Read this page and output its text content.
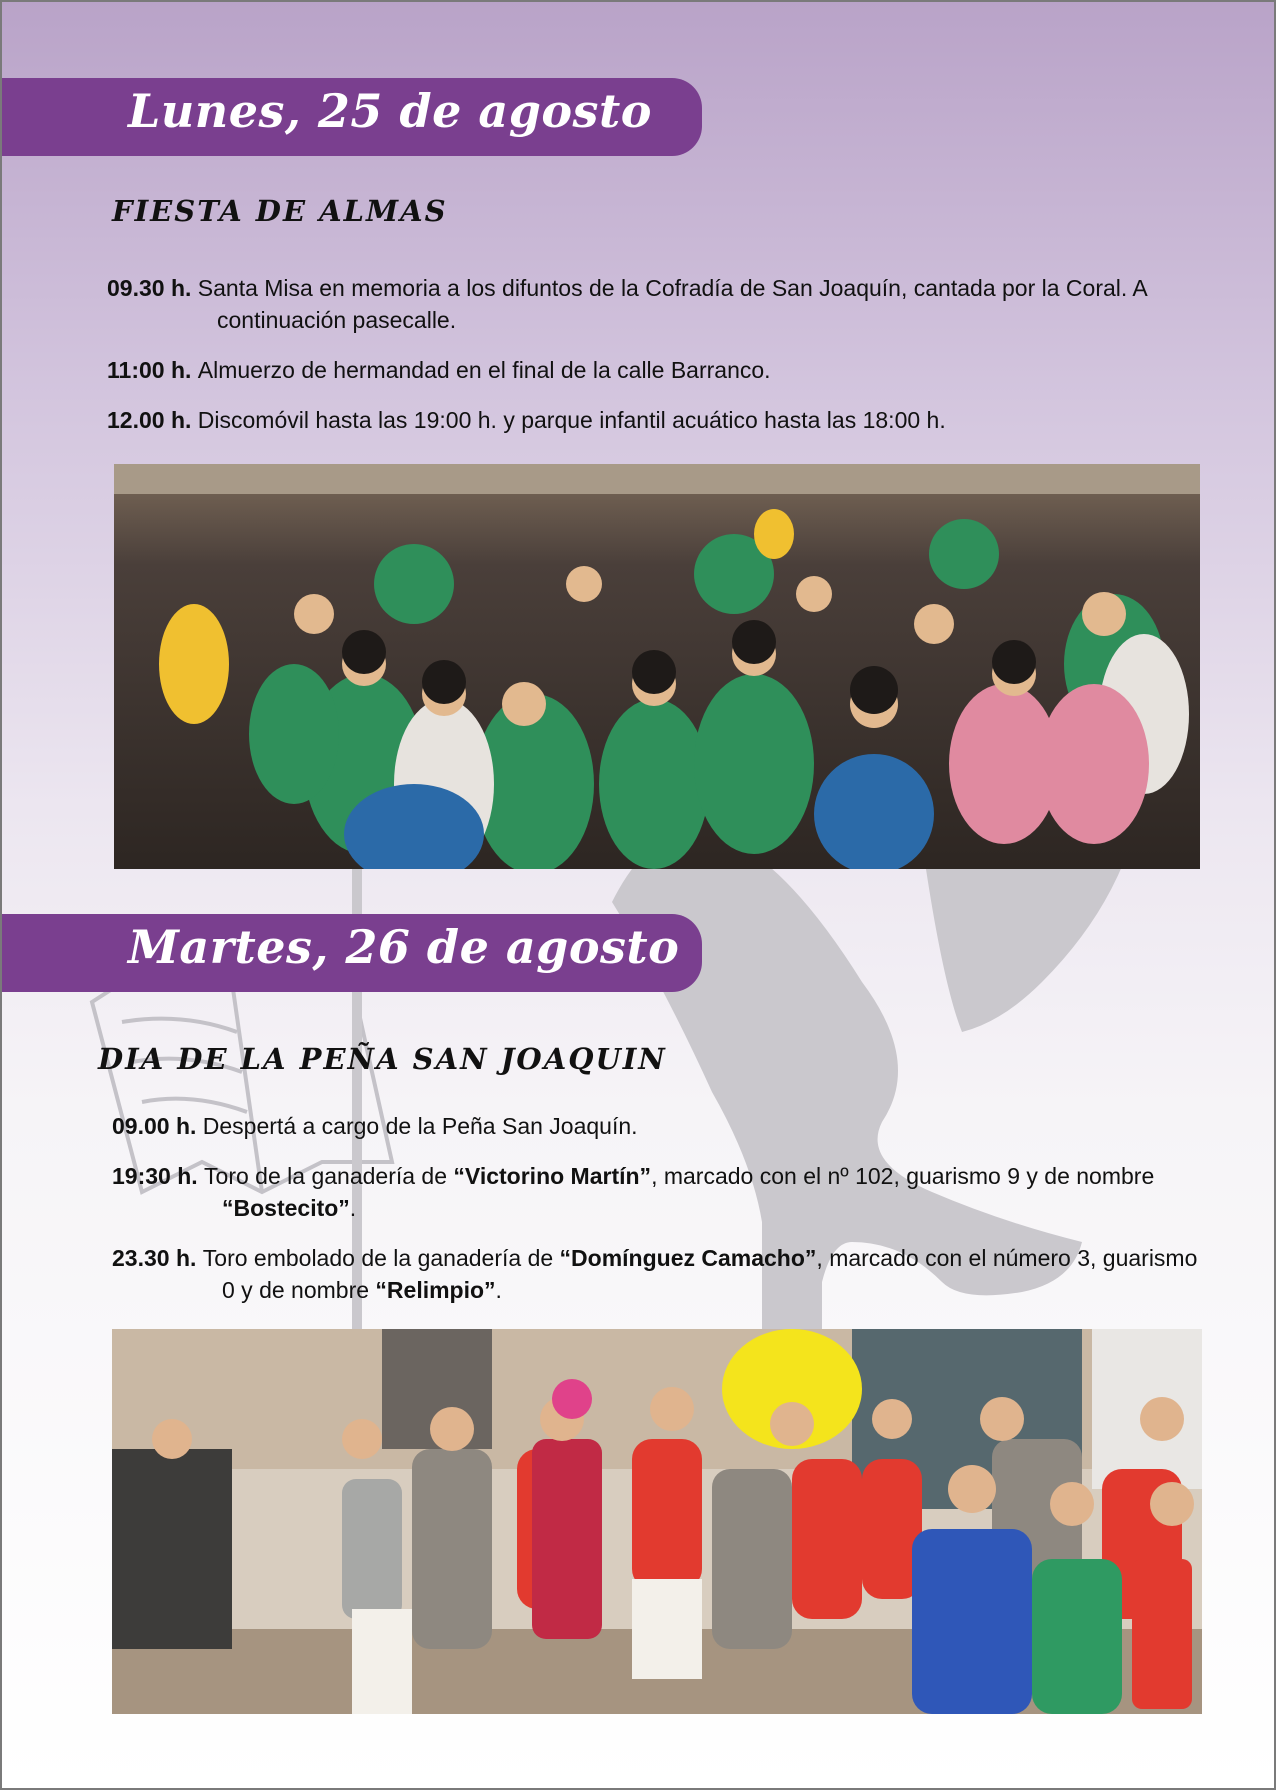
Lunes, 25 de agosto
FIESTA DE ALMAS
09.30 h. Santa Misa en memoria a los difuntos de la Cofradía de San Joaquín, cantada por la Coral. A continuación pasecalle.
11:00 h. Almuerzo de hermandad en el final de la calle Barranco.
12.00 h. Discomóvil hasta las 19:00 h. y parque infantil acuático hasta las 18:00 h.
Martes, 26 de agosto
DIA DE LA PEÑA SAN JOAQUIN
09.00 h. Despertá a cargo de la Peña San Joaquín.
19:30 h. Toro de la ganadería de “Victorino Martín”, marcado con el nº 102, guarismo 9 y de nombre “Bostecito”.
23.30 h. Toro embolado de la ganadería de “Domínguez Camacho”, marcado con el número 3, guarismo 0 y de nombre “Relimpio”.
